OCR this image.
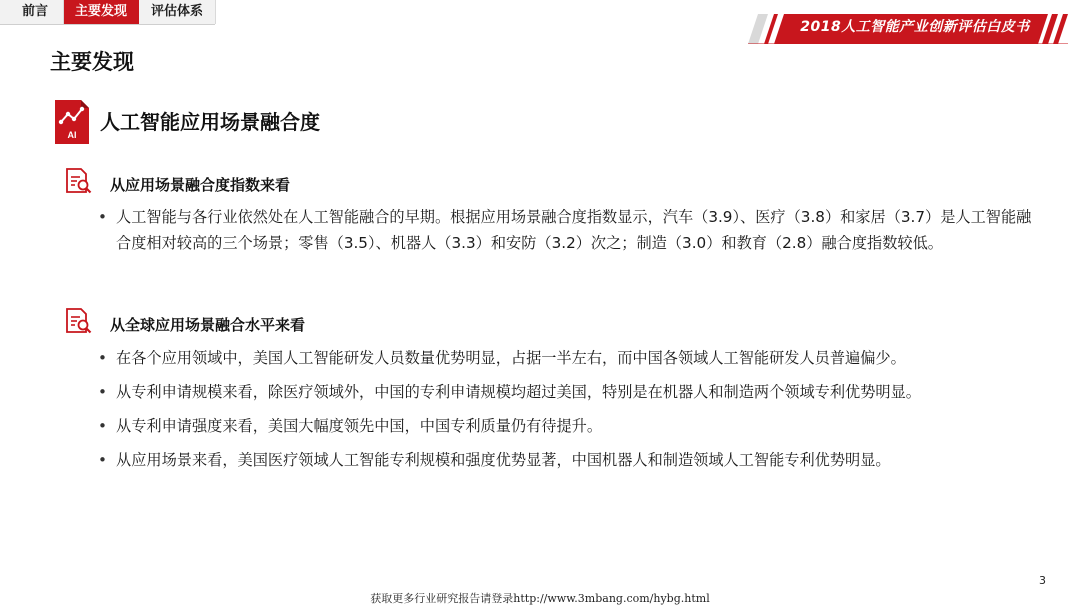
前言	主要发现	评估体系
2018人工智能产业创新评估白皮书
主要发现
AI
人工智能应用场景融合度
从应用场景融合度指数来看
• 人工智能与各行业依然处在人工智能融合的早期。根据应用场景融合度指数显示，汽车（3.9）、医疗（3.8）和家居（3.7）是人工智能融合度相对较高的三个场景；零售（3.5）、机器人（3.3）和安防（3.2）次之；制造（3.0）和教育（2.8）融合度指数较低。
从全球应用场景融合水平来看
• 在各个应用领域中，美国人工智能研发人员数量优势明显，占据一半左右，而中国各领域人工智能研发人员普遍偏少。
• 从专利申请规模来看，除医疗领域外，中国的专利申请规模均超过美国，特别是在机器人和制造两个领域专利优势明显。
• 从专利申请强度来看，美国大幅度领先中国，中国专利质量仍有待提升。
• 从应用场景来看，美国医疗领域人工智能专利规模和强度优势显著，中国机器人和制造领域人工智能专利优势明显。
3
获取更多行业研究报告请登录http://www.3mbang.com/hybg.html
